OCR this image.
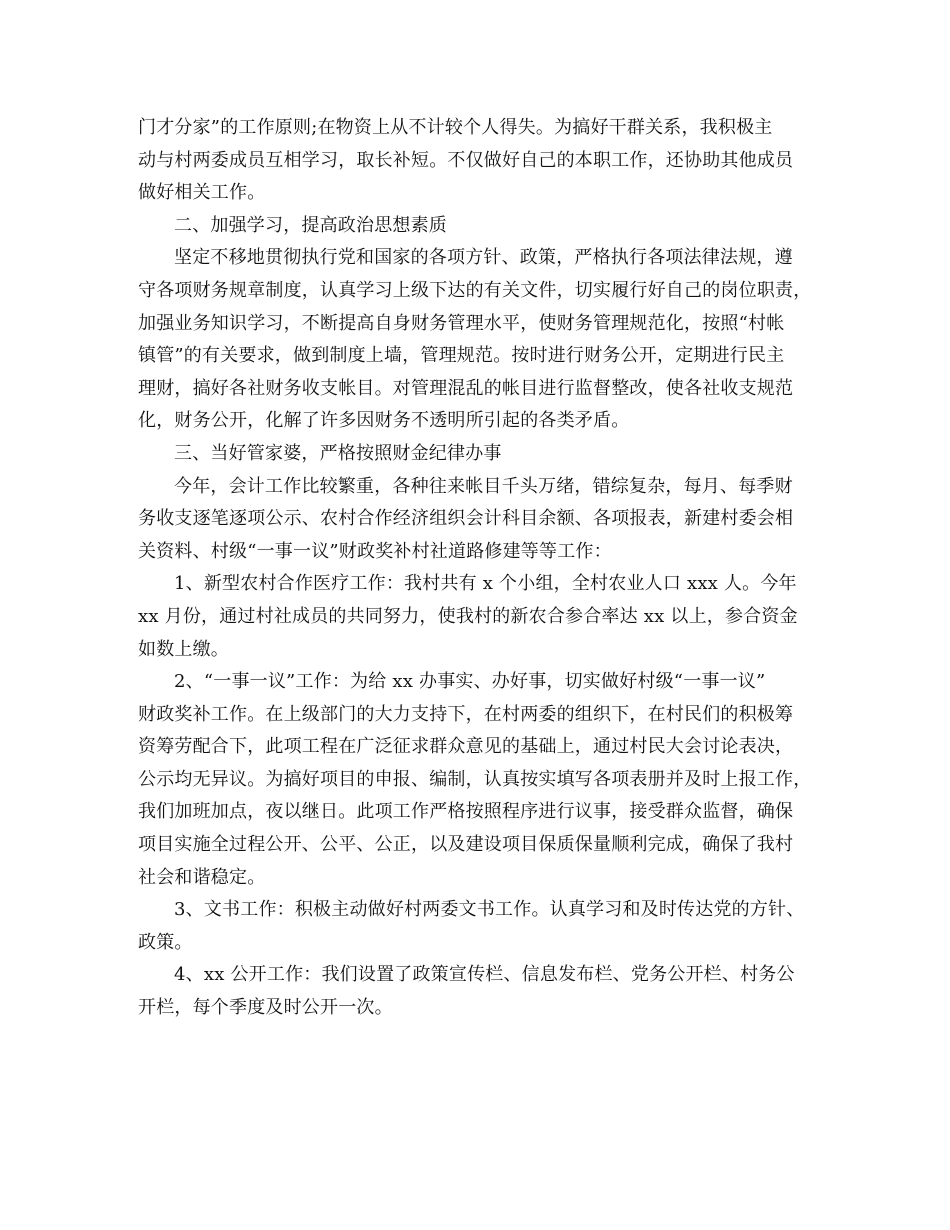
门才分家”的工作原则;在物资上从不计较个人得失。为搞好干群关系，我积极主
动与村两委成员互相学习，取长补短。不仅做好自己的本职工作，还协助其他成员
做好相关工作。
二、加强学习，提高政治思想素质
坚定不移地贯彻执行党和国家的各项方针、政策，严格执行各项法律法规，遵
守各项财务规章制度，认真学习上级下达的有关文件，切实履行好自己的岗位职责，
加强业务知识学习，不断提高自身财务管理水平，使财务管理规范化，按照“村帐
镇管”的有关要求，做到制度上墙，管理规范。按时进行财务公开，定期进行民主
理财，搞好各社财务收支帐目。对管理混乱的帐目进行监督整改，使各社收支规范
化，财务公开，化解了许多因财务不透明所引起的各类矛盾。
三、当好管家婆，严格按照财金纪律办事
今年，会计工作比较繁重，各种往来帐目千头万绪，错综复杂，每月、每季财
务收支逐笔逐项公示、农村合作经济组织会计科目余额、各项报表，新建村委会相
关资料、村级“一事一议”财政奖补村社道路修建等等工作：
1、新型农村合作医疗工作：我村共有 x 个小组，全村农业人口 xxx 人。今年
xx 月份，通过村社成员的共同努力，使我村的新农合参合率达 xx 以上，参合资金
如数上缴。
2、“一事一议”工作：为给 xx 办事实、办好事，切实做好村级“一事一议”
财政奖补工作。在上级部门的大力支持下，在村两委的组织下，在村民们的积极筹
资筹劳配合下，此项工程在广泛征求群众意见的基础上，通过村民大会讨论表决，
公示均无异议。为搞好项目的申报、编制，认真按实填写各项表册并及时上报工作，
我们加班加点，夜以继日。此项工作严格按照程序进行议事，接受群众监督，确保
项目实施全过程公开、公平、公正，以及建设项目保质保量顺利完成，确保了我村
社会和谐稳定。
3、文书工作：积极主动做好村两委文书工作。认真学习和及时传达党的方针、
政策。
4、xx 公开工作：我们设置了政策宣传栏、信息发布栏、党务公开栏、村务公
开栏，每个季度及时公开一次。
